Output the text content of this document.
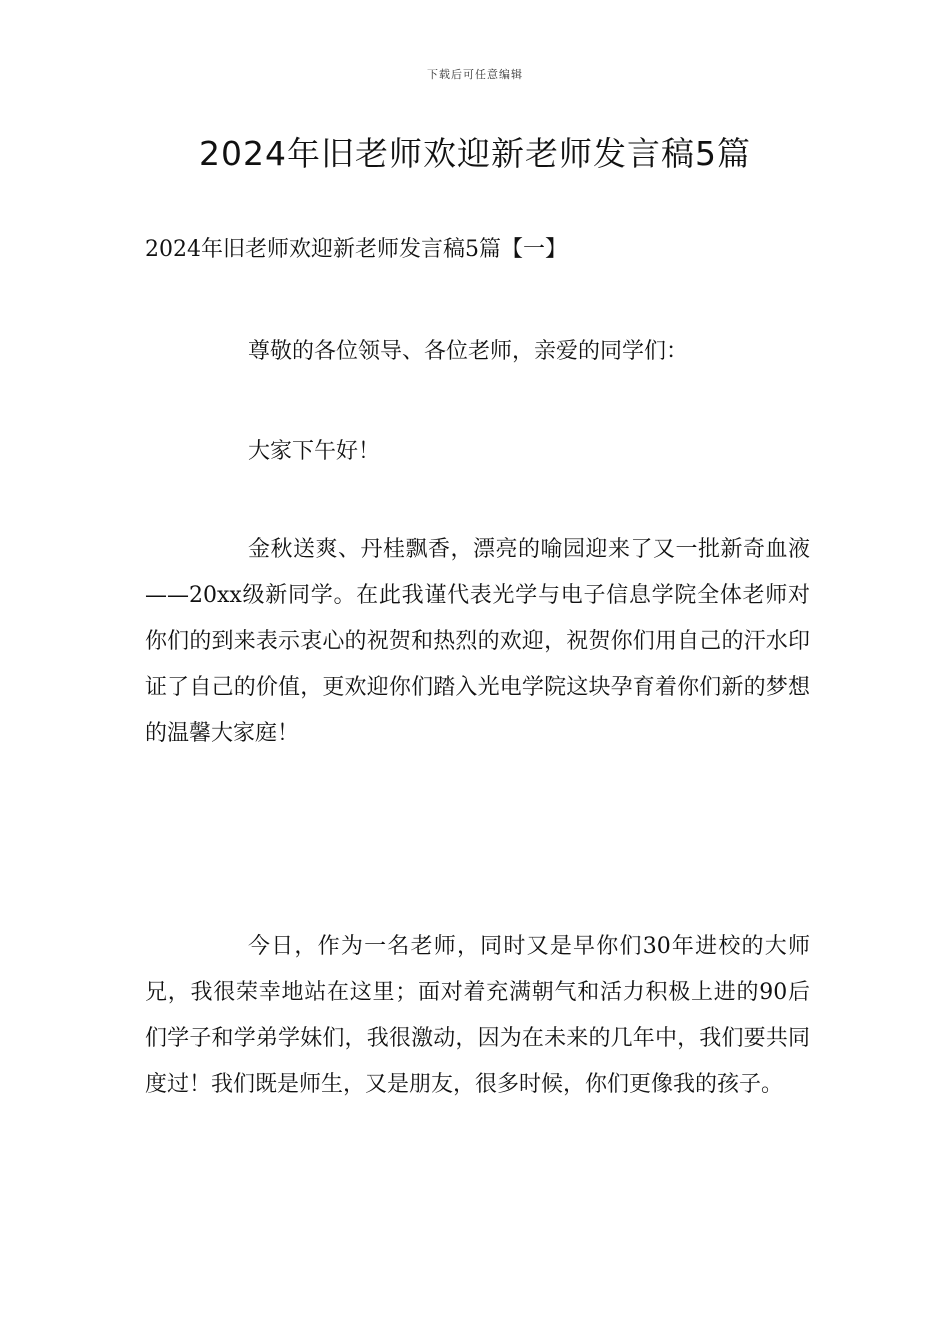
下载后可任意编辑
2024年旧老师欢迎新老师发言稿5篇
2024年旧老师欢迎新老师发言稿5篇【一】

尊敬的各位领导、各位老师，亲爱的同学们：

大家下午好！

金秋送爽、丹桂飘香，漂亮的喻园迎来了又一批新奇血液——20xx级新同学。在此我谨代表光学与电子信息学院全体老师对你们的到来表示衷心的祝贺和热烈的欢迎，祝贺你们用自己的汗水印证了自己的价值，更欢迎你们踏入光电学院这块孕育着你们新的梦想的温馨大家庭！

今日，作为一名老师，同时又是早你们30年进校的大师兄，我很荣幸地站在这里；面对着充满朝气和活力积极上进的90后们学子和学弟学妹们，我很激动，因为在未来的几年中，我们要共同度过！我们既是师生，又是朋友，很多时候，你们更像我的孩子。
